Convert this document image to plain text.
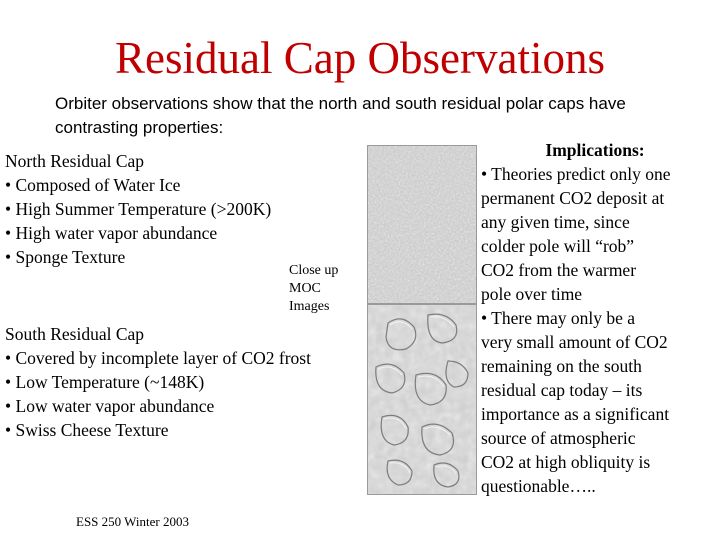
Residual Cap Observations
Orbiter observations show that the north and south residual polar caps have contrasting properties:
North Residual Cap
• Composed of Water Ice
• High Summer Temperature (>200K)
• High water vapor abundance
• Sponge Texture
Close up
MOC
Images
South Residual Cap
• Covered by incomplete layer of CO2 frost
• Low Temperature (~148K)
• Low water vapor abundance
• Swiss Cheese Texture
Implications:
• Theories predict only one
permanent CO2 deposit at
any given time, since
colder pole will “rob”
CO2 from the warmer
pole over time
• There may only be a
very small amount of CO2
remaining on the south
residual cap today – its
importance as a significant
source of atmospheric
CO2 at high obliquity is
questionable…..
ESS 250 Winter 2003
